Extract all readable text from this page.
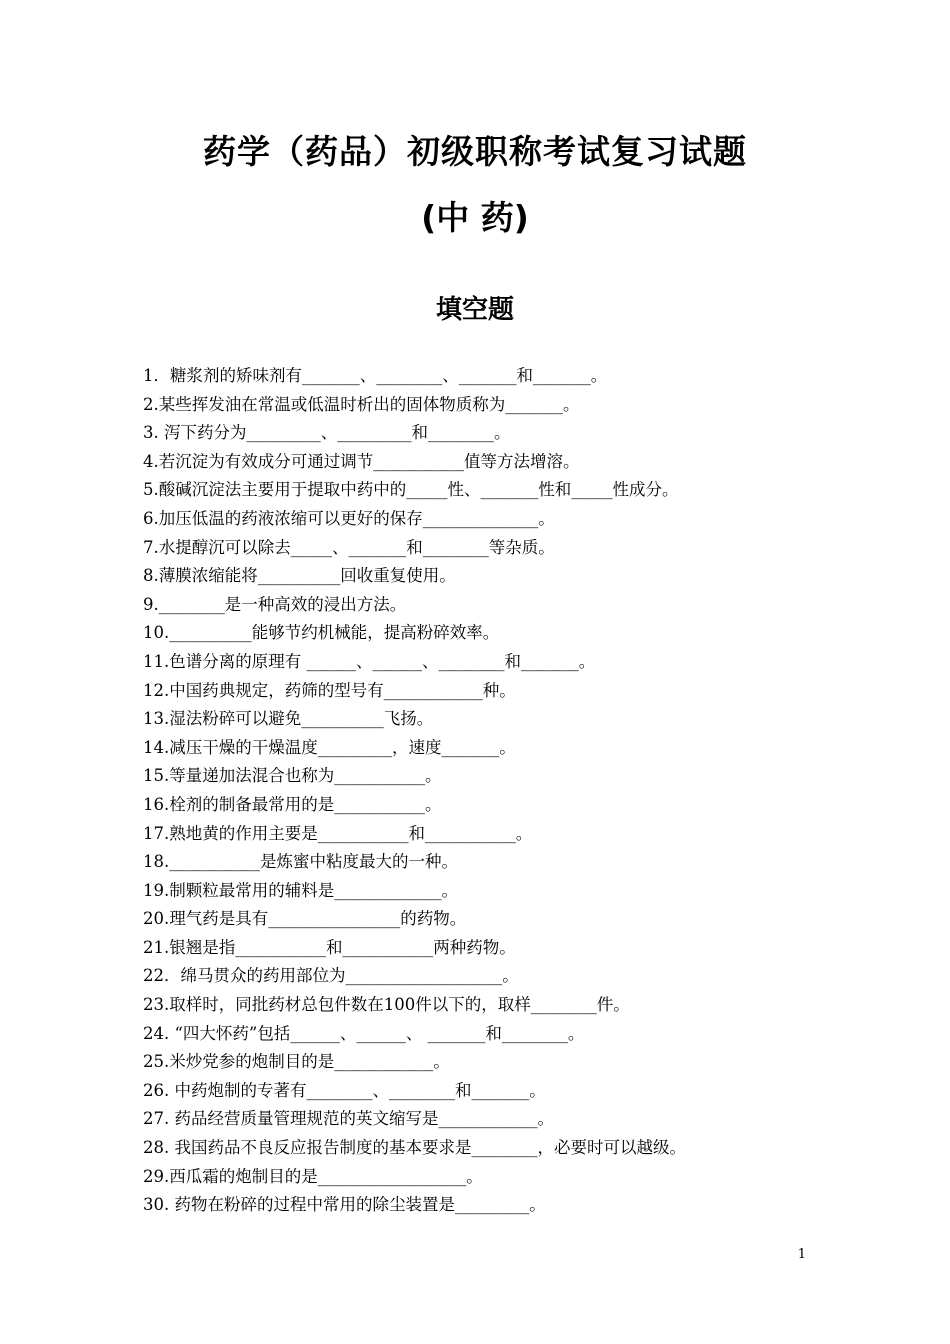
药学（药品）初级职称考试复习试题
(中 药)
填空题
1．糖浆剂的矫味剂有_______、________、_______和_______。
2.某些挥发油在常温或低温时析出的固体物质称为_______。
3. 泻下药分为_________、_________和________。
4.若沉淀为有效成分可通过调节___________值等方法增溶。
5.酸碱沉淀法主要用于提取中药中的_____性、_______性和_____性成分。
6.加压低温的药液浓缩可以更好的保存______________。
7.水提醇沉可以除去_____、_______和________等杂质。
8.薄膜浓缩能将__________回收重复使用。
9.________是一种高效的浸出方法。
10.__________能够节约机械能，提高粉碎效率。
11.色谱分离的原理有 ______、______、________和_______。
12.中国药典规定，药筛的型号有____________种。
13.湿法粉碎可以避免__________飞扬。
14.减压干燥的干燥温度_________，速度_______。
15.等量递加法混合也称为___________。
16.栓剂的制备最常用的是___________。
17.熟地黄的作用主要是___________和___________。
18.___________是炼蜜中粘度最大的一种。
19.制颗粒最常用的辅料是_____________。
20.理气药是具有________________的药物。
21.银翘是指___________和___________两种药物。
22．绵马贯众的药用部位为___________________。
23.取样时，同批药材总包件数在100件以下的，取样________件。
24. “四大怀药”包括______、______、 _______和________。
25.米炒党参的炮制目的是____________。
26. 中药炮制的专著有________、________和_______。
27. 药品经营质量管理规范的英文缩写是____________。
28. 我国药品不良反应报告制度的基本要求是________，必要时可以越级。
29.西瓜霜的炮制目的是__________________。
30. 药物在粉碎的过程中常用的除尘装置是_________。
1
